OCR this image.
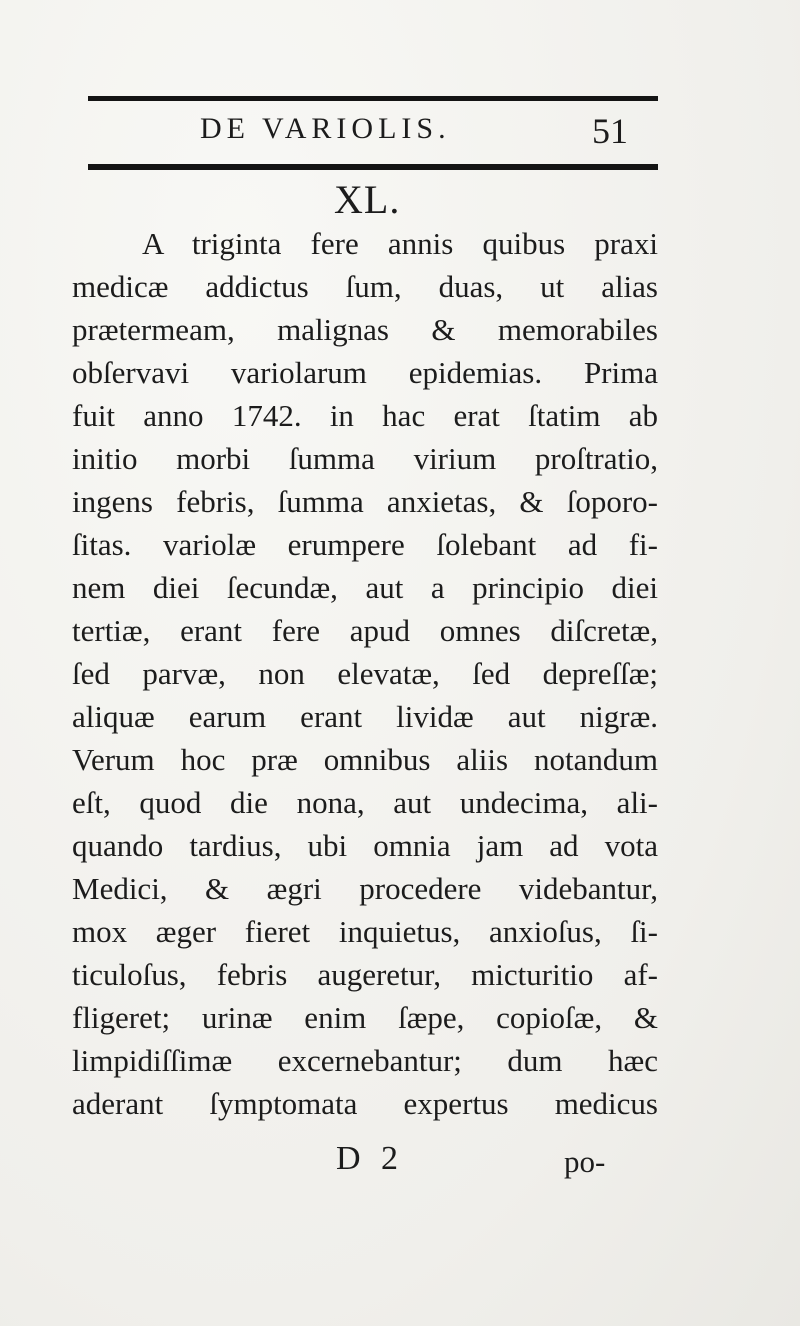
DE VARIOLIS.	51
XL.
A triginta fere annis quibus praxi
medicæ addictus ſum, duas, ut alias
prætermeam, malignas & memorabiles
obſervavi variolarum epidemias. Prima
fuit anno 1742. in hac erat ſtatim ab
initio morbi ſumma virium proſtratio,
ingens febris, ſumma anxietas, & ſoporo-
ſitas. variolæ erumpere ſolebant ad fi-
nem diei ſecundæ, aut a principio diei
tertiæ, erant fere apud omnes diſcretæ,
ſed parvæ, non elevatæ, ſed depreſſæ;
aliquæ earum erant lividæ aut nigræ.
Verum hoc præ omnibus aliis notandum
eſt, quod die nona, aut undecima, ali-
quando tardius, ubi omnia jam ad vota
Medici, & ægri procedere videbantur,
mox æger fieret inquietus, anxioſus, ſi-
ticuloſus, febris augeretur, micturitio af-
fligeret; urinæ enim ſæpe, copioſæ, &
limpidiſſimæ excernebantur; dum hæc
aderant ſymptomata expertus medicus
D 2	po-
